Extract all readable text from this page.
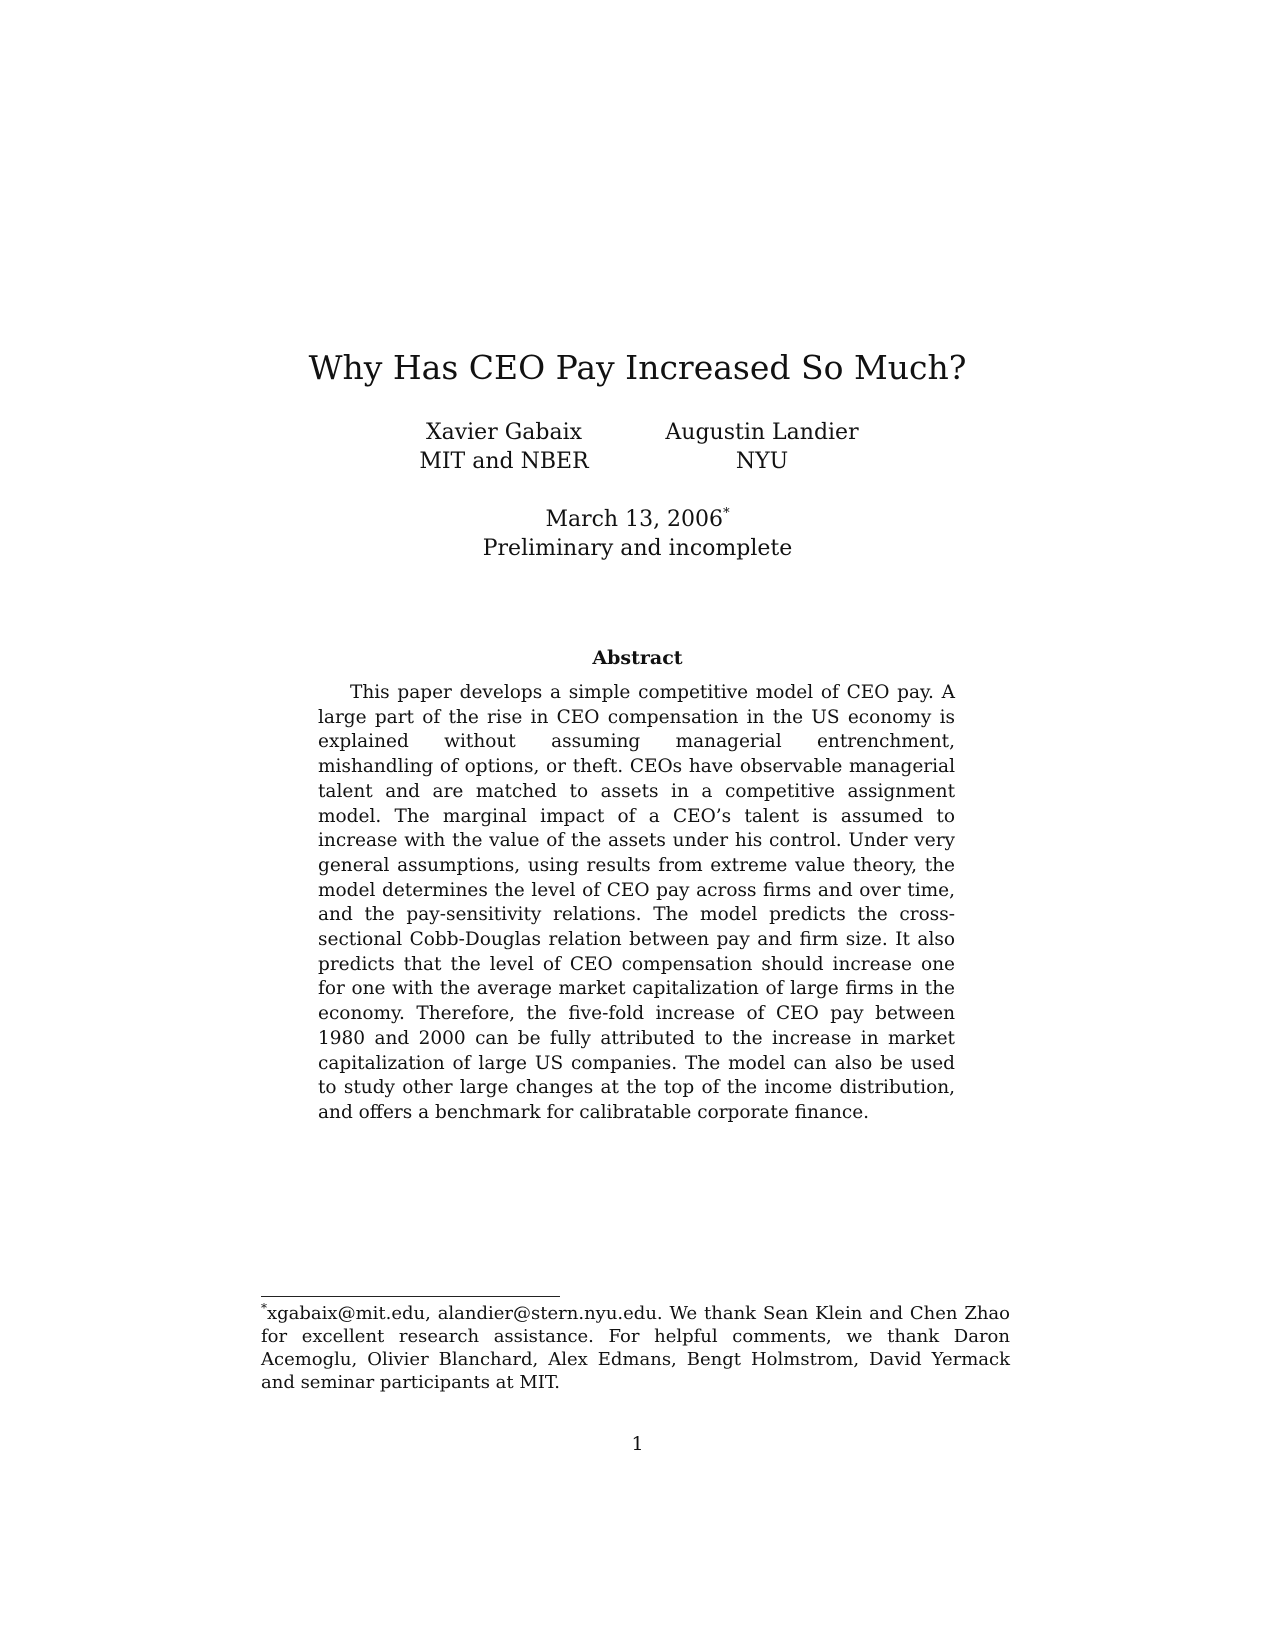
Why Has CEO Pay Increased So Much?
Xavier Gabaix
MIT and NBER
Augustin Landier
NYU
March 13, 2006*
Preliminary and incomplete
Abstract

This paper develops a simple competitive model of CEO pay. A large part of the rise in CEO compensation in the US economy is explained without assuming managerial entrenchment, mishandling of options, or theft. CEOs have observable managerial talent and are matched to assets in a competitive assignment model. The marginal impact of a CEO’s talent is assumed to increase with the value of the assets under his control. Under very general assumptions, using results from extreme value theory, the model determines the level of CEO pay across firms and over time, and the pay-sensitivity relations. The model predicts the cross-sectional Cobb-Douglas relation between pay and firm size. It also predicts that the level of CEO compensation should increase one for one with the average market capitalization of large firms in the economy. Therefore, the five-fold increase of CEO pay between 1980 and 2000 can be fully attributed to the increase in market capitalization of large US companies. The model can also be used to study other large changes at the top of the income distribution, and offers a benchmark for calibratable corporate finance.

*xgabaix@mit.edu, alandier@stern.nyu.edu. We thank Sean Klein and Chen Zhao for excellent research assistance. For helpful comments, we thank Daron Acemoglu, Olivier Blanchard, Alex Edmans, Bengt Holmstrom, David Yermack and seminar participants at MIT.

1
